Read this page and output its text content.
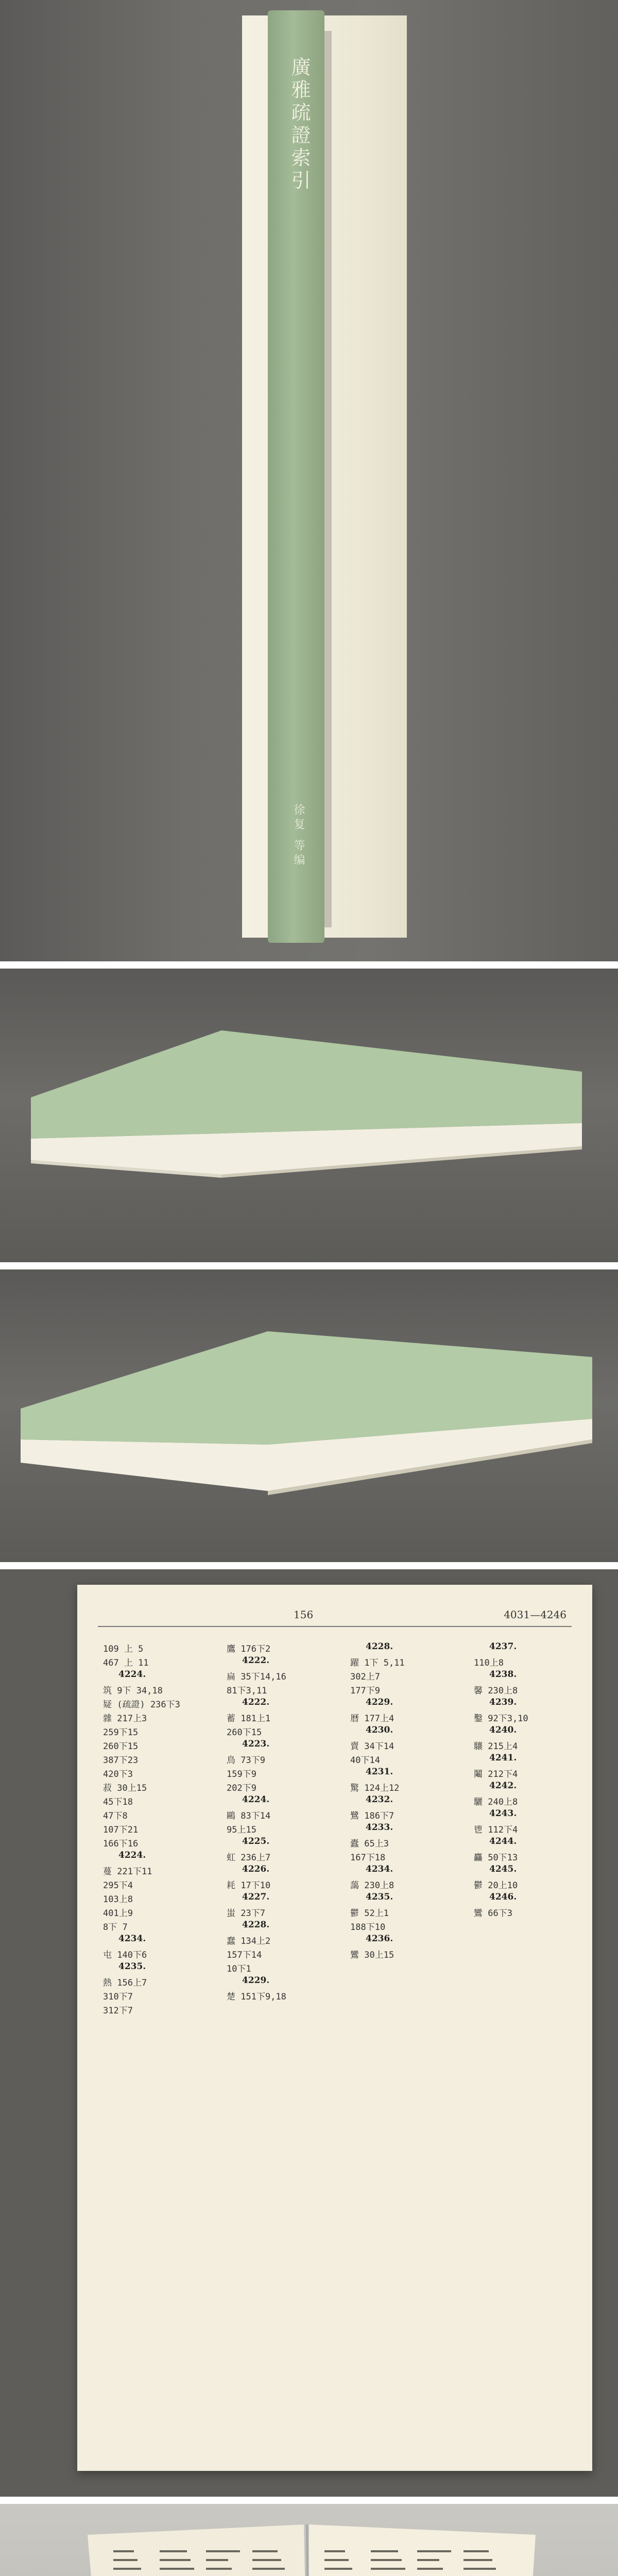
廣雅疏證索引
徐复 等编
156	4031—4246
109 上 5
467 上 11
4224.
筑 9下 34,18
疑 (疏證) 236下3
雜 217上3
259下15
260下15
387下23
420下3
菽 30上15
45下18
47下8
107下21
166下16
4224.
蔓 221下11
295下4
103上8
401上9
8下 7
4234.
屯 140下6
4235.
熱 156上7
310下7
312下7
鷹 176下2
4222.
扁 35下14,16
81下3,11
4222.
蓄 181上1
260下15
4223.
鳥 73下9
159下9
202下9
4224.
鷗 83下14
95上15
4225.
虹 236上7
4226.
耗 17下10
4227.
蚩 23下7
4228.
蠢 134上2
157下14
10下1
4229.
楚 151下9,18
4228.
躍 1下 5,11
302上7
177下9
4229.
曆 177上4
4230.
賣 34下14
40下14
4231.
驚 124上12
4232.
鷺 186下7
4233.
蠹 65上3
167下18
4234.
藹 230上8
4235.
鬱 52上1
188下10
4236.
鸞 30上15
4237.
110上8
4238.
馨 230上8
4239.
鑿 92下3,10
4240.
驤 215上4
4241.
鬮 212下4
4242.
驪 240上8
4243.
鬯 112下4
4244.
麤 50下13
4245.
鬱 20上10
4246.
鸞 66下3
